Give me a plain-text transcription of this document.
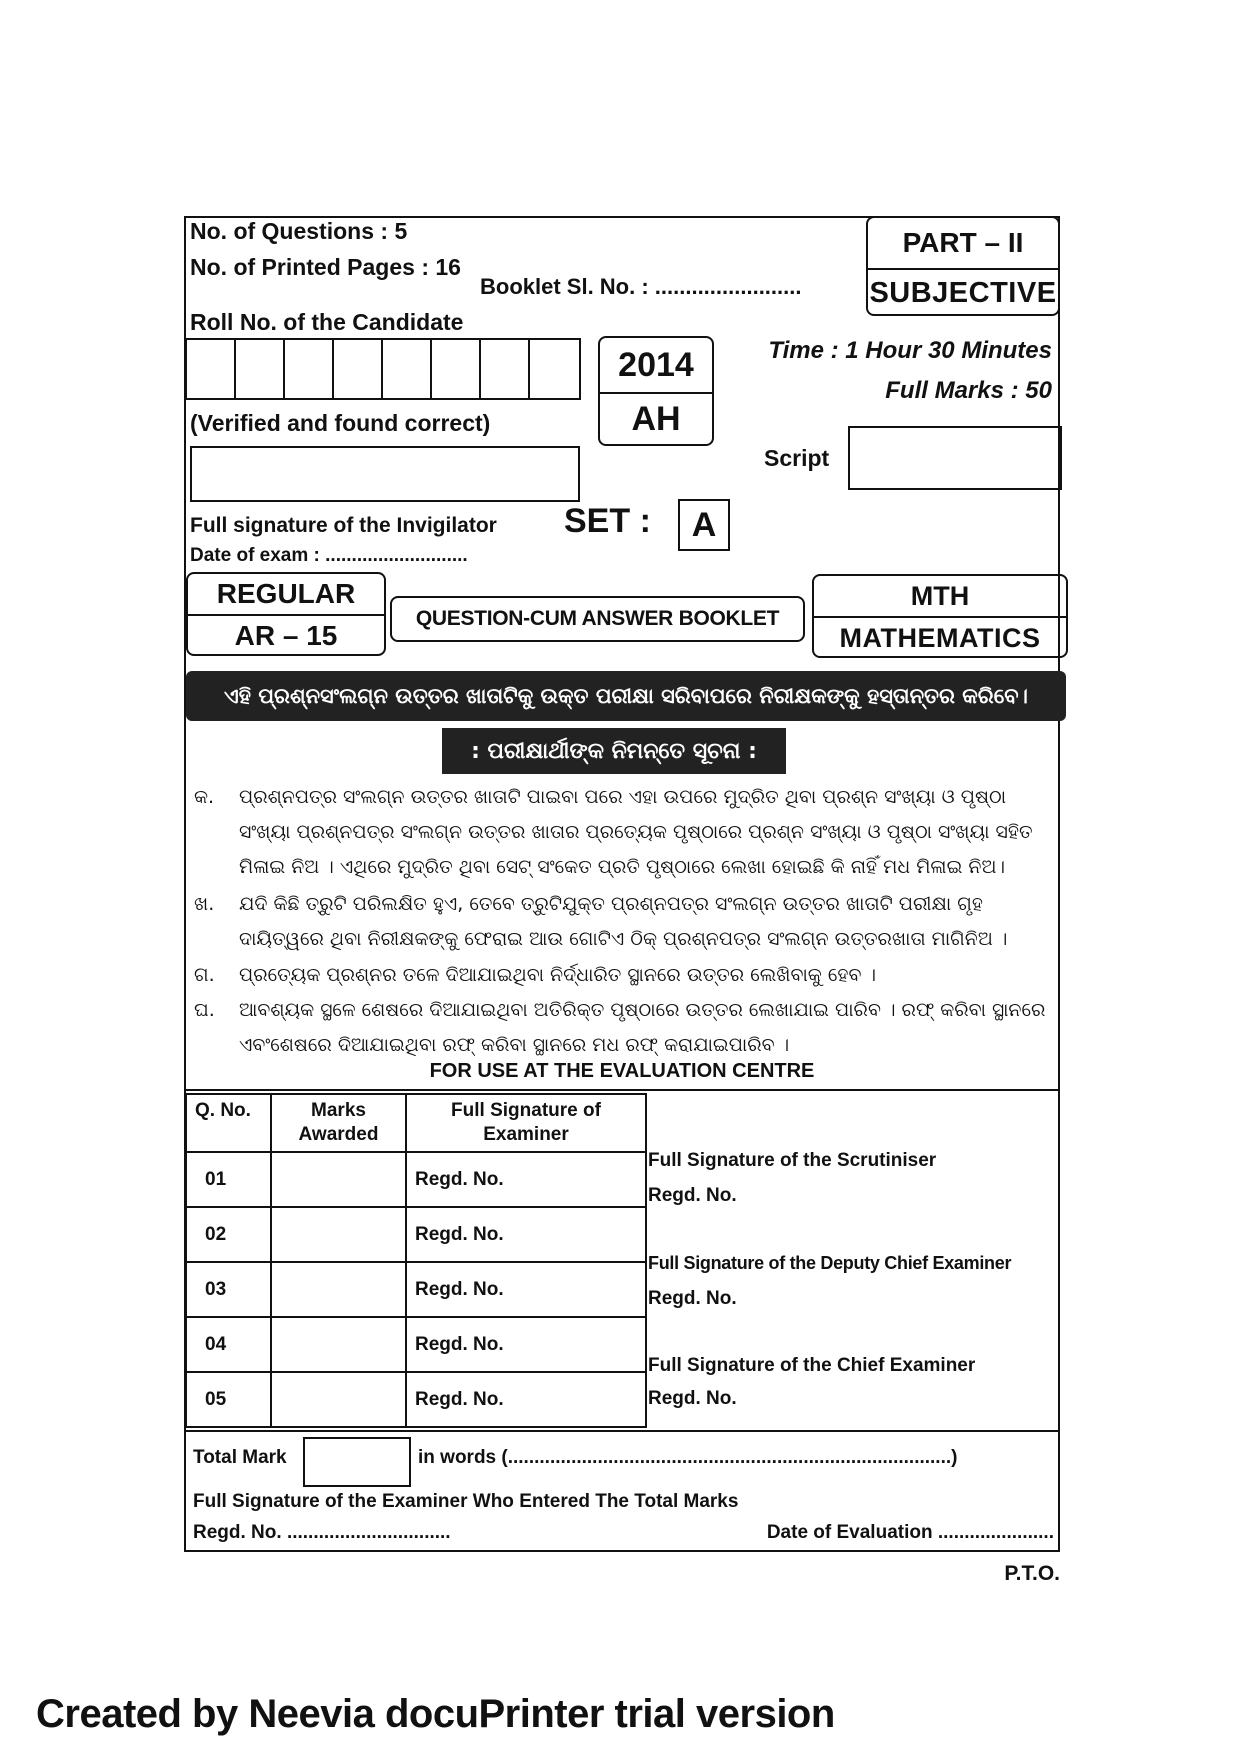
No. of Questions : 5
No. of Printed Pages : 16
Booklet Sl. No. : ........................
PART – II
SUBJECTIVE
Roll No. of the Candidate
2014
AH
Time : 1 Hour 30 Minutes
Full Marks : 50
(Verified and found correct)
Script
Full signature of the Invigilator SET :	A
Date of exam : ...........................
REGULAR
AR – 15
QUESTION-CUM ANSWER BOOKLET
MTH
MATHEMATICS
ଏହି ପ୍ରଶ୍ନସଂଲଗ୍ନ ଉତ୍ତର ଖାତାଟିକୁ ଉକ୍ତ ପରୀକ୍ଷା ସରିବାପରେ ନିରୀକ୍ଷକଙ୍କୁ ହସ୍ତାନ୍ତର କରିବେ।
: ପରୀକ୍ଷାର୍ଥୀଙ୍କ ନିମନ୍ତେ ସୂଚନା :
କ. ପ୍ରଶ୍ନପତ୍ର ସଂଲଗ୍ନ ଉତ୍ତର ଖାତାଟି ପାଇବା ପରେ ଏହା ଉପରେ ମୁଦ୍ରିତ ଥିବା ପ୍ରଶ୍ନ ସଂଖ୍ୟା ଓ ପୃଷ୍ଠା ସଂଖ୍ୟା ପ୍ରଶ୍ନପତ୍ର ସଂଲଗ୍ନ ଉତ୍ତର ଖାତାର ପ୍ରତ୍ୟେକ ପୃଷ୍ଠାରେ ପ୍ରଶ୍ନ ସଂଖ୍ୟା ଓ ପୃଷ୍ଠା ସଂଖ୍ୟା ସହିତ ମିଳାଇ ନିଅ । ଏଥିରେ ମୁଦ୍ରିତ ଥିବା ସେଟ୍ ସଂକେତ ପ୍ରତି ପୃଷ୍ଠାରେ ଲେଖା ହୋଇଛି କି ନାହିଁ ମଧ ମିଳାଇ ନିଅ।
ଖ. ଯଦି କିଛି ତ୍ରୁଟି ପରିଲକ୍ଷିତ ହୁଏ, ତେବେ ତ୍ରୁଟିଯୁକ୍ତ ପ୍ରଶ୍ନପତ୍ର ସଂଲଗ୍ନ ଉତ୍ତର ଖାତାଟି ପରୀକ୍ଷା ଗୃହ ଦାୟିତ୍ୱରେ ଥିବା ନିରୀକ୍ଷକଙ୍କୁ ଫେରାଇ ଆଉ ଗୋଟିଏ ଠିକ୍ ପ୍ରଶ୍ନପତ୍ର ସଂଲଗ୍ନ ଉତ୍ତରଖାତା ମାଗିନିଅ ।
ଗ. ପ୍ରତ୍ୟେକ ପ୍ରଶ୍ନର ତଳେ ଦିଆଯାଇଥିବା ନିର୍ଦ୍ଧାରିତ ସ୍ଥାନରେ ଉତ୍ତର ଲେଖିବାକୁ ହେବ ।
ଘ. ଆବଶ୍ୟକ ସ୍ଥଳେ ଶେଷରେ ଦିଆଯାଇଥିବା ଅତିରିକ୍ତ ପୃଷ୍ଠାରେ ଉତ୍ତର ଲେଖାଯାଇ ପାରିବ । ରଫ୍ କରିବା ସ୍ଥାନରେ ଏବଂଶେଷରେ ଦିଆଯାଇଥିବା ରଫ୍ କରିବା ସ୍ଥାନରେ ମଧ ରଫ୍ କରାଯାଇପାରିବ ।
FOR USE AT THE EVALUATION CENTRE
Q. No.	Marks Awarded	Full Signature of Examiner
01		Regd. No.
02		Regd. No.
03		Regd. No.
04		Regd. No.
05		Regd. No.
Full Signature of the Scrutiniser
Regd. No.
Full Signature of the Deputy Chief Examiner
Regd. No.
Full Signature of the Chief Examiner
Regd. No.
Total Mark	in words (....................................................................................)
Full Signature of the Examiner Who Entered The Total Marks
Regd. No. ...............................	Date of Evaluation ......................
P.T.O.
Created by Neevia docuPrinter trial version
